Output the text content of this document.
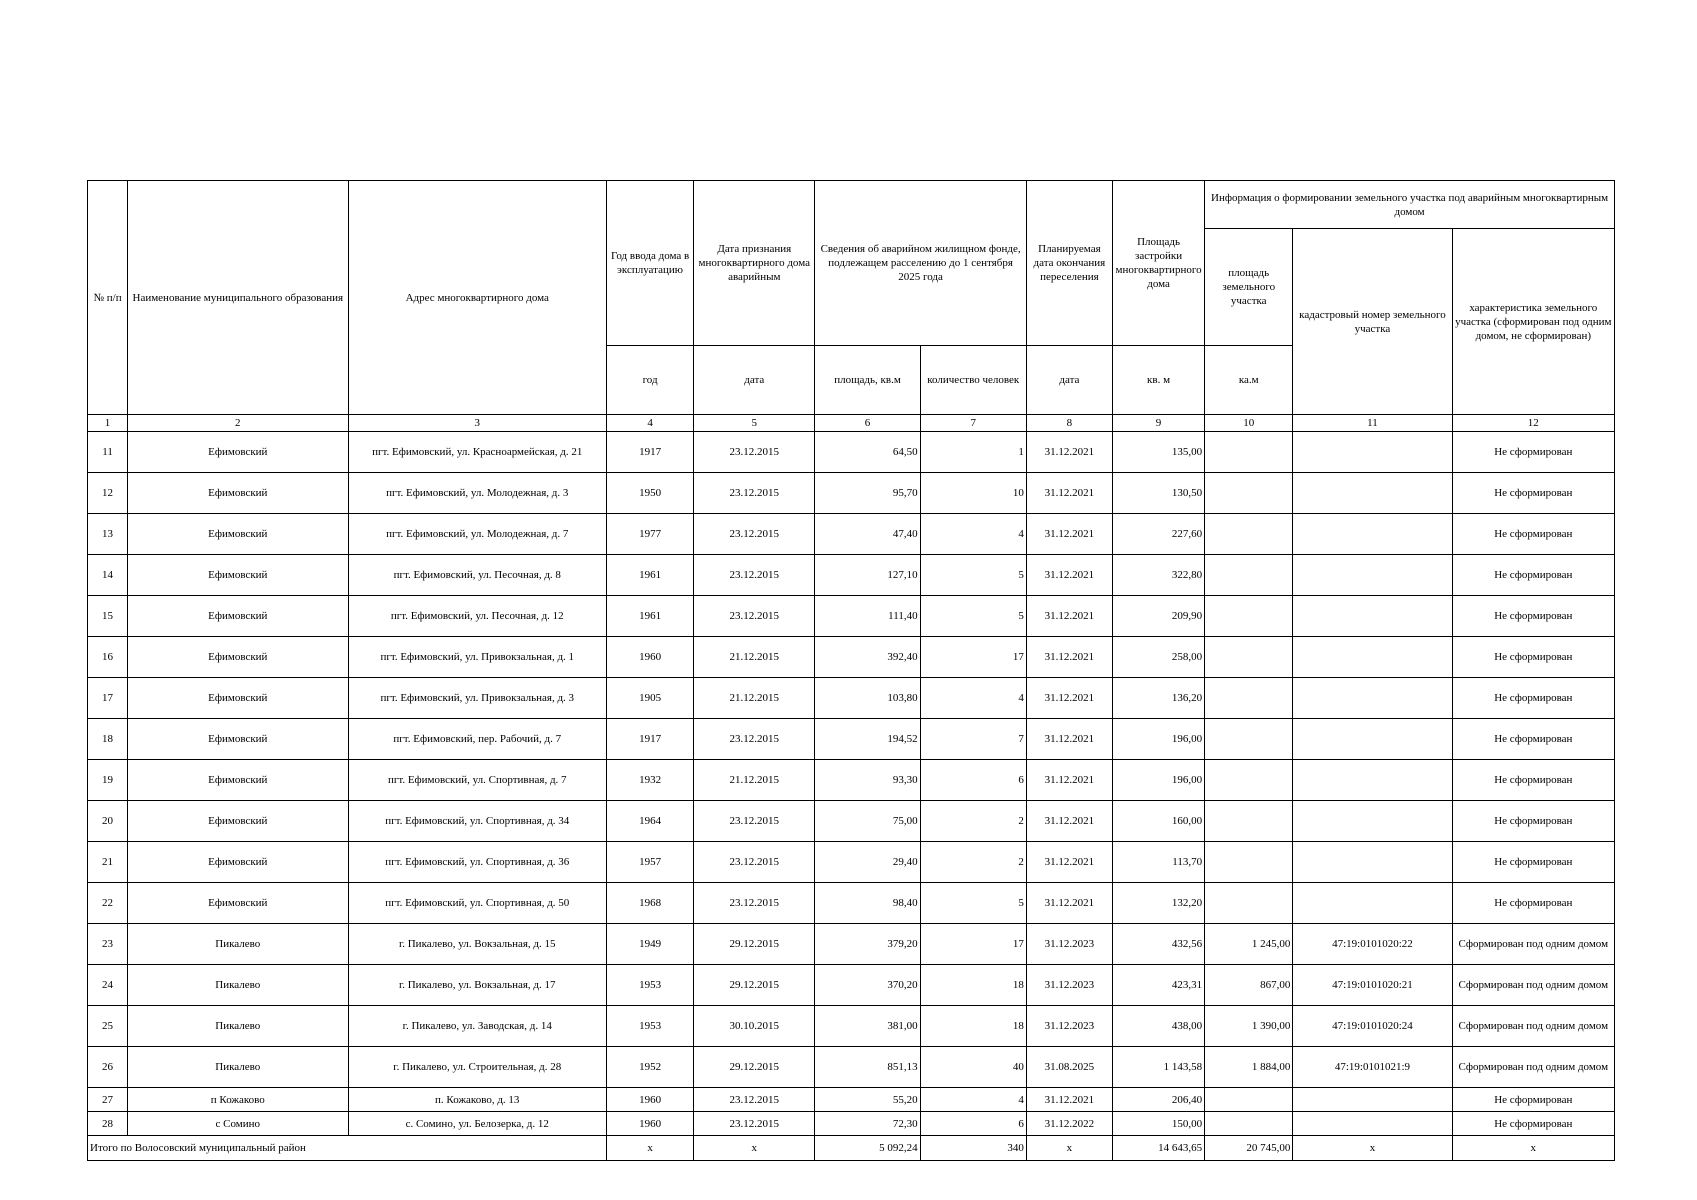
№ п/п	Наименование муниципального образования	Адрес многоквартирного дома	Год ввода дома в эксплуатацию	Дата признания многоквартирного дома аварийным	Сведения об аварийном жилищном фонде, подлежащем расселению до 1 сентября 2025 года		Планируемая дата окончания переселения	Площадь застройки многоквартирного дома	Информация о формировании земельного участка под аварийным многоквартирным домом		
									площадь земельного участка	кадастровый номер земельного участка	характеристика земельного участка (сформирован под одним домом, не сформирован)
			год	дата	площадь, кв.м	количество человек	дата	кв. м	ка.м		
1	2	3	4	5	6	7	8	9	10	11	12
11	Ефимовский	пгт. Ефимовский, ул. Красноармейская, д. 21	1917	23.12.2015	64,50	1	31.12.2021	135,00			Не сформирован
12	Ефимовский	пгт. Ефимовский, ул. Молодежная, д. 3	1950	23.12.2015	95,70	10	31.12.2021	130,50			Не сформирован
13	Ефимовский	пгт. Ефимовский, ул. Молодежная, д. 7	1977	23.12.2015	47,40	4	31.12.2021	227,60			Не сформирован
14	Ефимовский	пгт. Ефимовский, ул. Песочная, д. 8	1961	23.12.2015	127,10	5	31.12.2021	322,80			Не сформирован
15	Ефимовский	пгт. Ефимовский, ул. Песочная, д. 12	1961	23.12.2015	111,40	5	31.12.2021	209,90			Не сформирован
16	Ефимовский	пгт. Ефимовский, ул. Привокзальная, д. 1	1960	21.12.2015	392,40	17	31.12.2021	258,00			Не сформирован
17	Ефимовский	пгт. Ефимовский, ул. Привокзальная, д. 3	1905	21.12.2015	103,80	4	31.12.2021	136,20			Не сформирован
18	Ефимовский	пгт. Ефимовский, пер. Рабочий, д. 7	1917	23.12.2015	194,52	7	31.12.2021	196,00			Не сформирован
19	Ефимовский	пгт. Ефимовский, ул. Спортивная, д. 7	1932	21.12.2015	93,30	6	31.12.2021	196,00			Не сформирован
20	Ефимовский	пгт. Ефимовский, ул. Спортивная, д. 34	1964	23.12.2015	75,00	2	31.12.2021	160,00			Не сформирован
21	Ефимовский	пгт. Ефимовский, ул. Спортивная, д. 36	1957	23.12.2015	29,40	2	31.12.2021	113,70			Не сформирован
22	Ефимовский	пгт. Ефимовский, ул. Спортивная, д. 50	1968	23.12.2015	98,40	5	31.12.2021	132,20			Не сформирован
23	Пикалево	г. Пикалево, ул. Вокзальная, д. 15	1949	29.12.2015	379,20	17	31.12.2023	432,56	1 245,00	47:19:0101020:22	Сформирован под одним домом
24	Пикалево	г. Пикалево, ул. Вокзальная, д. 17	1953	29.12.2015	370,20	18	31.12.2023	423,31	867,00	47:19:0101020:21	Сформирован под одним домом
25	Пикалево	г. Пикалево, ул. Заводская, д. 14	1953	30.10.2015	381,00	18	31.12.2023	438,00	1 390,00	47:19:0101020:24	Сформирован под одним домом
26	Пикалево	г. Пикалево, ул. Строительная, д. 28	1952	29.12.2015	851,13	40	31.08.2025	1 143,58	1 884,00	47:19:0101021:9	Сформирован под одним домом
27	п Кожаково	п. Кожаково, д. 13	1960	23.12.2015	55,20	4	31.12.2021	206,40			Не сформирован
28	с Сомино	с. Сомино, ул. Белозерка, д. 12	1960	23.12.2015	72,30	6	31.12.2022	150,00			Не сформирован
Итого по Волосовский муниципальный район			x	x	5 092,24	340	x	14 643,65	20 745,00	x	x
